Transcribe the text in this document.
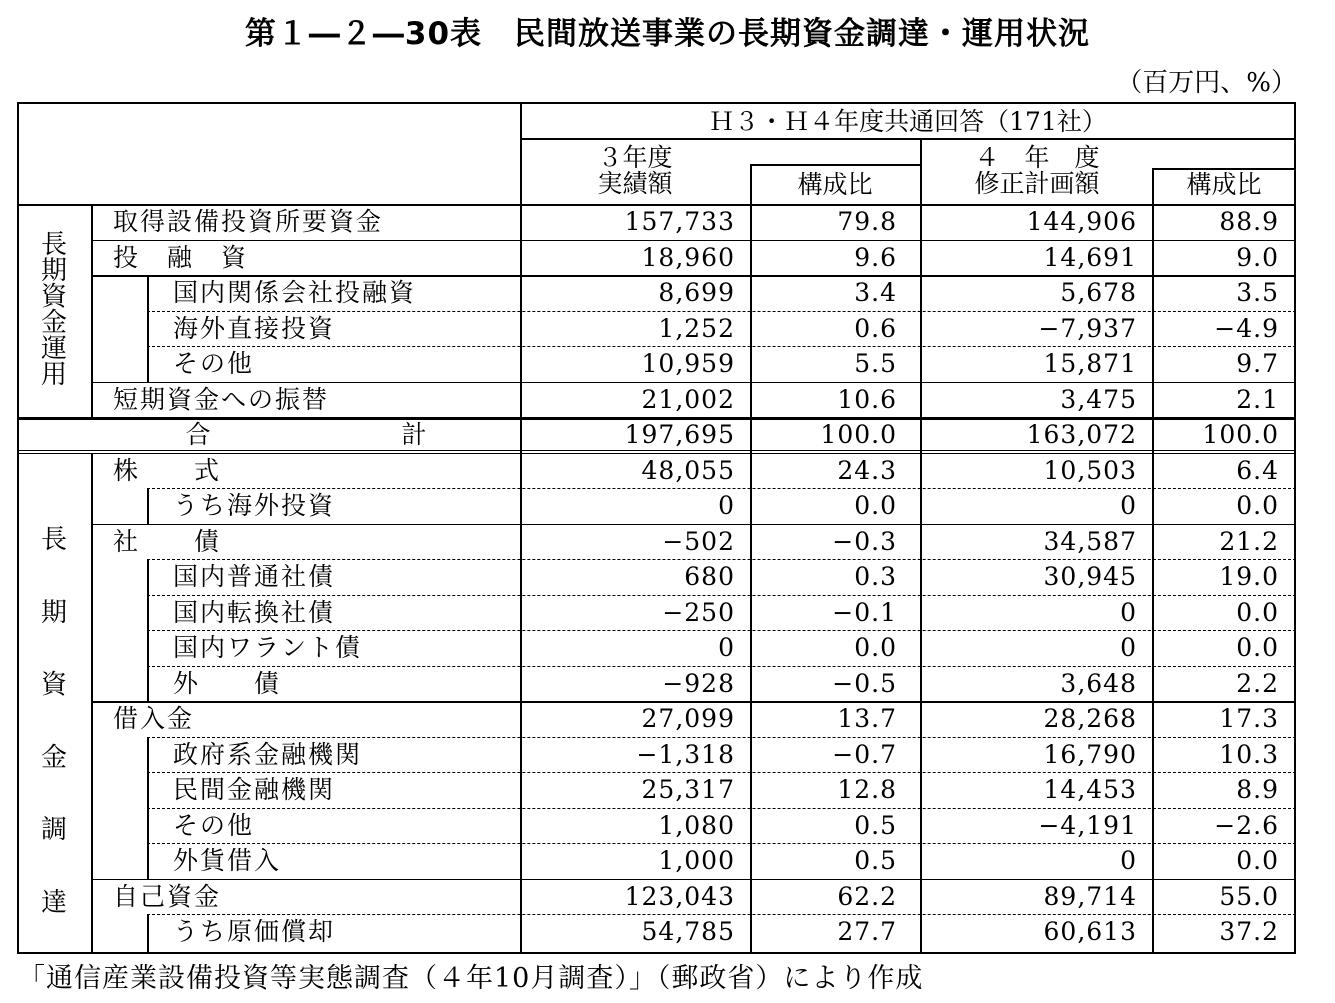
第１―２―30表　民間放送事業の長期資金調達・運用状況
（百万円、%）
Ｈ３・Ｈ４年度共通回答（171社）
３年度
実績額	構成比
４　年　度
修正計画額	構成比
長
期
資
金
運
用
長
期
資
金
調
達
取得設備投資所要資金	157,733	79.8	144,906	88.9
投　融　資	18,960	9.6	14,691	9.0
国内関係会社投融資	8,699	3.4	5,678	3.5
海外直接投資	1,252	0.6	−7,937	−4.9
その他	10,959	5.5	15,871	9.7
短期資金への振替	21,002	10.6	3,475	2.1
合　　　　　　　計	197,695	100.0	163,072	100.0
株　　式	48,055	24.3	10,503	6.4
うち海外投資	0	0.0	0	0.0
社　　債	−502	−0.3	34,587	21.2
国内普通社債	680	0.3	30,945	19.0
国内転換社債	−250	−0.1	0	0.0
国内ワラント債	0	0.0	0	0.0
外　　債	−928	−0.5	3,648	2.2
借入金	27,099	13.7	28,268	17.3
政府系金融機関	−1,318	−0.7	16,790	10.3
民間金融機関	25,317	12.8	14,453	8.9
その他	1,080	0.5	−4,191	−2.6
外貨借入	1,000	0.5	0	0.0
自己資金	123,043	62.2	89,714	55.0
うち原価償却	54,785	27.7	60,613	37.2
「通信産業設備投資等実態調査（４年10月調査）」（郵政省）により作成
